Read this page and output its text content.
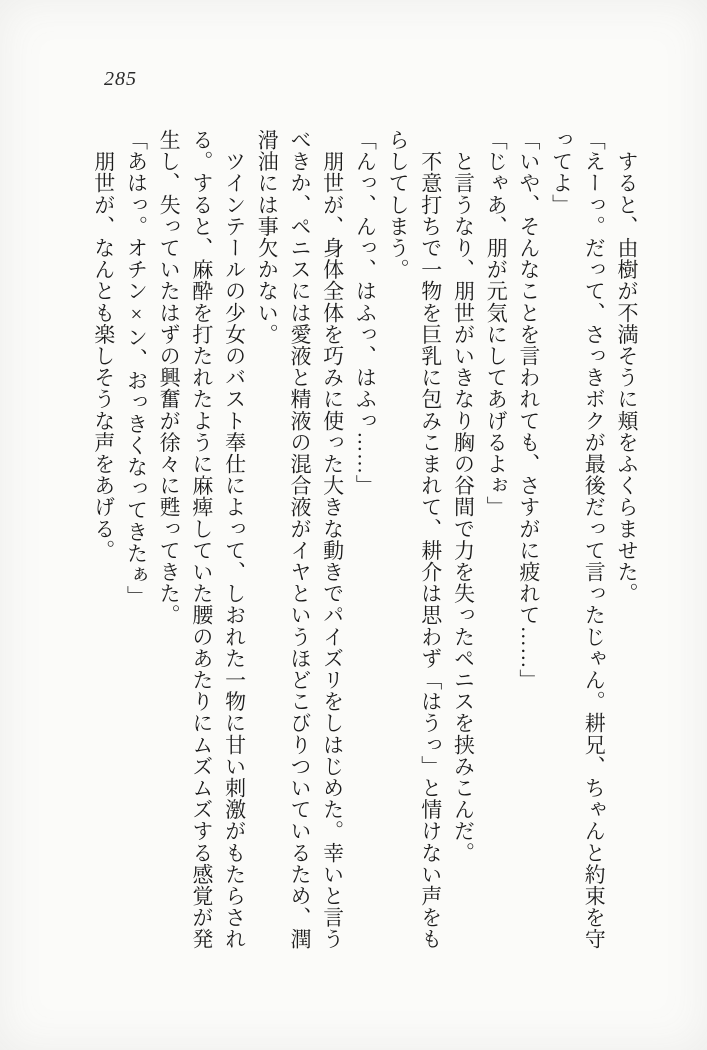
285
　すると、由樹が不満そうに頬をふくらませた。
「えーっ。だって、さっきボクが最後だって言ったじゃん。耕兄、ちゃんと約束を守
ってよ」
「いや、そんなことを言われても、さすがに疲れて……」
「じゃあ、朋が元気にしてあげるよぉ」
　と言うなり、朋世がいきなり胸の谷間で力を失ったペニスを挟みこんだ。
　不意打ちで一物を巨乳に包みこまれて、耕介は思わず「はうっ」と情けない声をも
らしてしまう。
「んっ、んっ、はふっ、はふっ……」
　朋世が、身体全体を巧みに使った大きな動きでパイズリをしはじめた。幸いと言う
べきか、ペニスには愛液と精液の混合液がイヤというほどこびりついているため、潤
滑油には事欠かない。
　ツインテールの少女のバスト奉仕によって、しおれた一物に甘い刺激がもたらされ
る。すると、麻酔を打たれたように麻痺していた腰のあたりにムズムズする感覚が発
生し、失っていたはずの興奮が徐々に甦ってきた。
「あはっ。オチン×ン、おっきくなってきたぁ」
　朋世が、なんとも楽しそうな声をあげる。
